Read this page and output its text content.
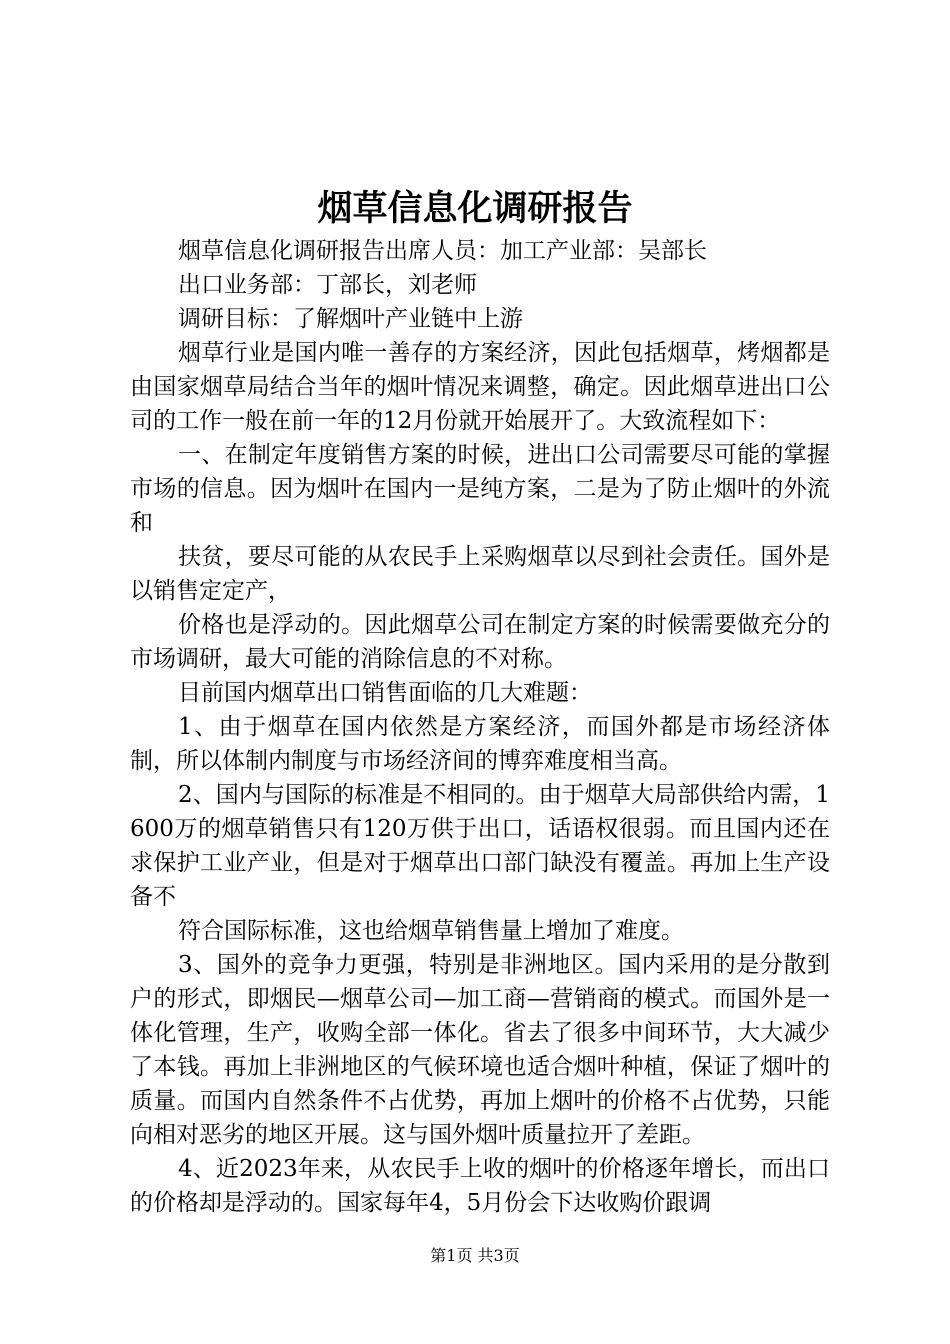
烟草信息化调研报告

烟草信息化调研报告出席人员：加工产业部：吴部长

出口业务部：丁部长，刘老师

调研目标：了解烟叶产业链中上游

烟草行业是国内唯一善存的方案经济，因此包括烟草，烤烟都是由国家烟草局结合当年的烟叶情况来调整，确定。因此烟草进出口公司的工作一般在前一年的12月份就开始展开了。大致流程如下：

一、在制定年度销售方案的时候，进出口公司需要尽可能的掌握市场的信息。因为烟叶在国内一是纯方案，二是为了防止烟叶的外流和

扶贫，要尽可能的从农民手上采购烟草以尽到社会责任。国外是以销售定定产，

价格也是浮动的。因此烟草公司在制定方案的时候需要做充分的市场调研，最大可能的消除信息的不对称。

目前国内烟草出口销售面临的几大难题：

1、由于烟草在国内依然是方案经济，而国外都是市场经济体制，所以体制内制度与市场经济间的博弈难度相当高。

2、国内与国际的标准是不相同的。由于烟草大局部供给内需，1600万的烟草销售只有120万供于出口，话语权很弱。而且国内还在求保护工业产业，但是对于烟草出口部门缺没有覆盖。再加上生产设备不

符合国际标准，这也给烟草销售量上增加了难度。

3、国外的竞争力更强，特别是非洲地区。国内采用的是分散到户的形式，即烟民—烟草公司—加工商—营销商的模式。而国外是一体化管理，生产，收购全部一体化。省去了很多中间环节，大大减少了本钱。再加上非洲地区的气候环境也适合烟叶种植，保证了烟叶的质量。而国内自然条件不占优势，再加上烟叶的价格不占优势，只能向相对恶劣的地区开展。这与国外烟叶质量拉开了差距。

4、近2023年来，从农民手上收的烟叶的价格逐年增长，而出口的价格却是浮动的。国家每年4，5月份会下达收购价跟调

第1页 共3页
